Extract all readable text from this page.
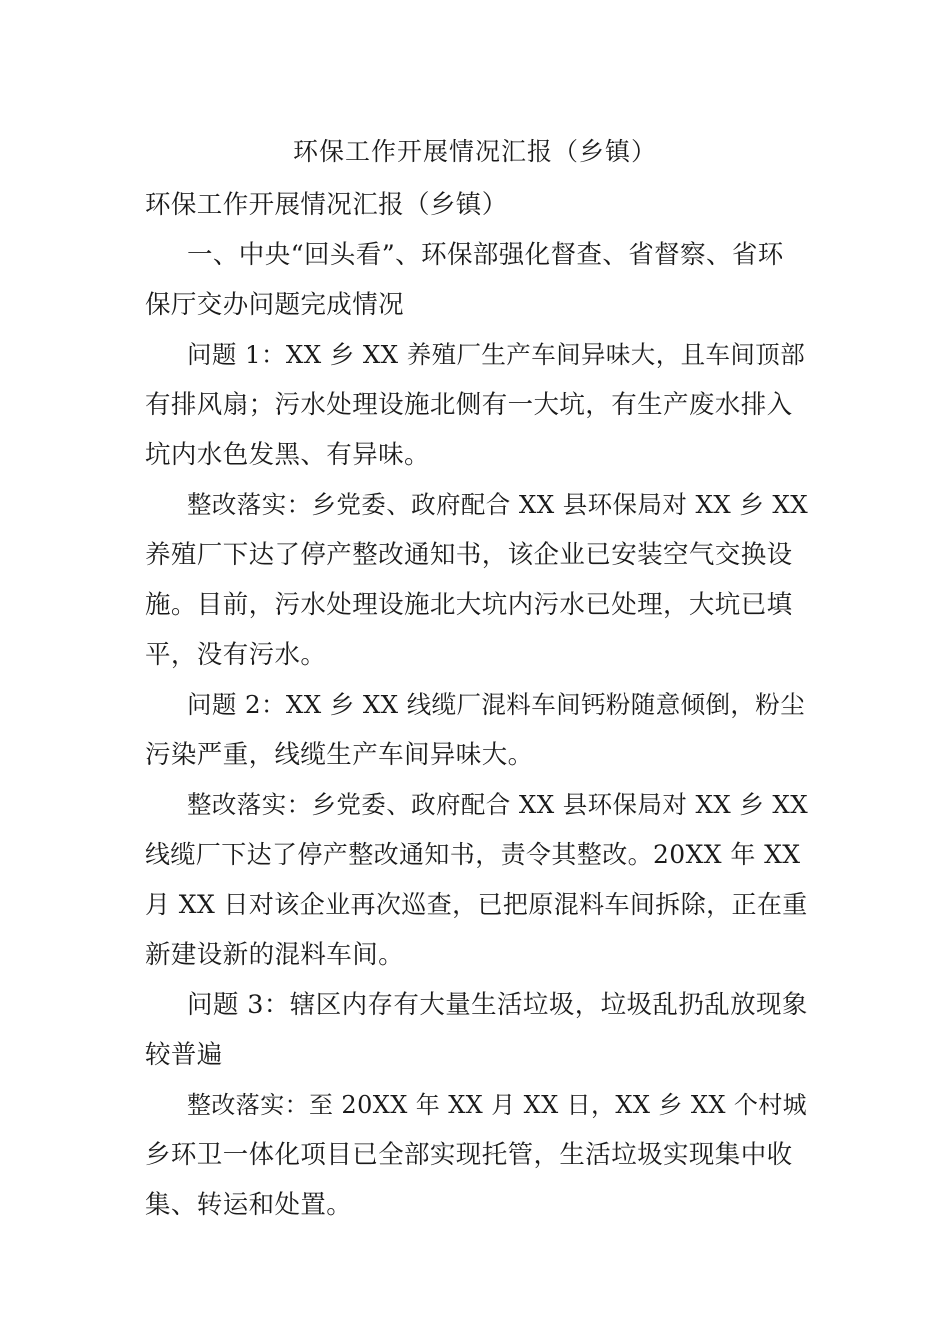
环保工作开展情况汇报（乡镇）
环保工作开展情况汇报（乡镇）
一、中央“回头看”、环保部强化督查、省督察、省环
保厅交办问题完成情况
问题 1：XX 乡 XX 养殖厂生产车间异味大，且车间顶部
有排风扇；污水处理设施北侧有一大坑，有生产废水排入
坑内水色发黑、有异味。
整改落实：乡党委、政府配合 XX 县环保局对 XX 乡 XX
养殖厂下达了停产整改通知书，该企业已安装空气交换设
施。目前，污水处理设施北大坑内污水已处理，大坑已填
平，没有污水。
问题 2：XX 乡 XX 线缆厂混料车间钙粉随意倾倒，粉尘
污染严重，线缆生产车间异味大。
整改落实：乡党委、政府配合 XX 县环保局对 XX 乡 XX
线缆厂下达了停产整改通知书，责令其整改。20XX 年 XX
月 XX 日对该企业再次巡查，已把原混料车间拆除，正在重
新建设新的混料车间。
问题 3：辖区内存有大量生活垃圾，垃圾乱扔乱放现象
较普遍
整改落实：至 20XX 年 XX 月 XX 日，XX 乡 XX 个村城
乡环卫一体化项目已全部实现托管，生活垃圾实现集中收
集、转运和处置。
